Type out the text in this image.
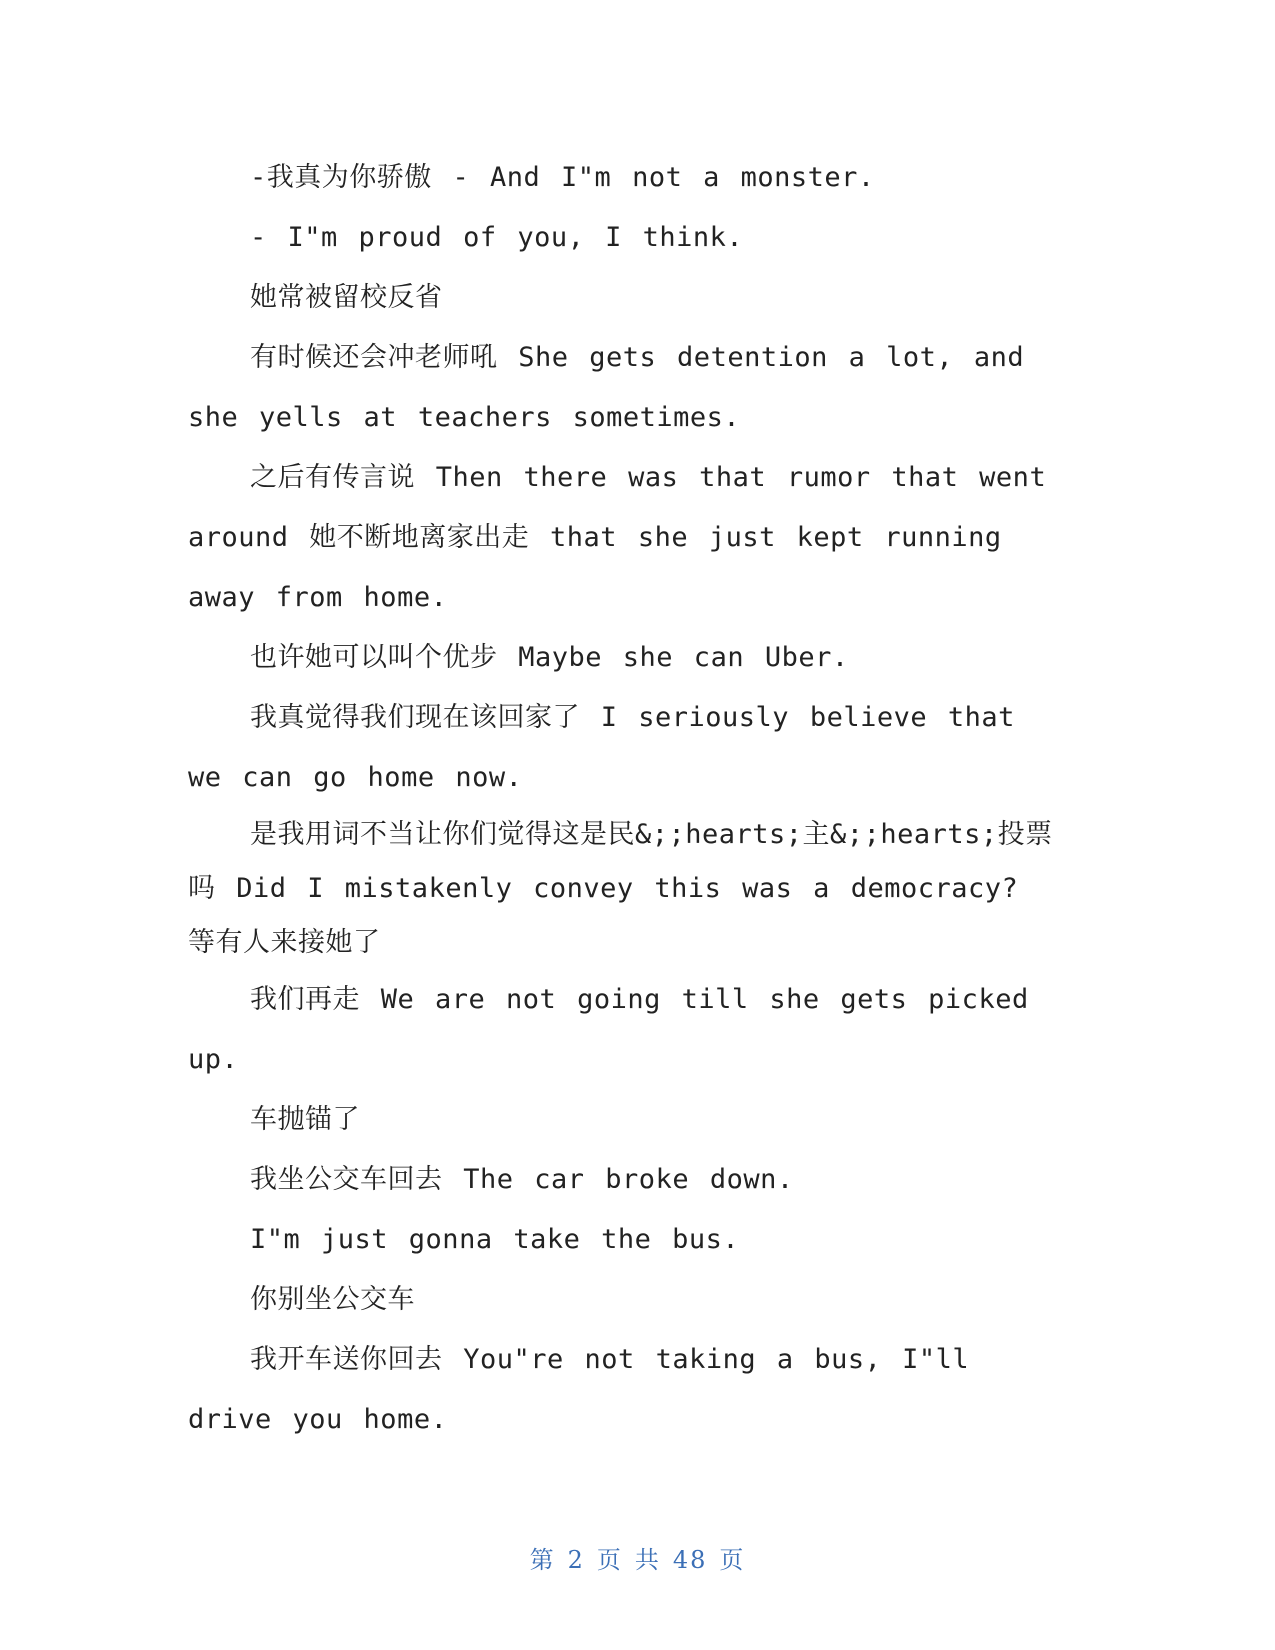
-我真为你骄傲 - And I"m not a monster.

- I"m proud of you, I think.

她常被留校反省

有时候还会冲老师吼 She gets detention a lot, and she yells at teachers sometimes.

之后有传言说 Then there was that rumor that went around 她不断地离家出走 that she just kept running away from home.

也许她可以叫个优步 Maybe she can Uber.

我真觉得我们现在该回家了 I seriously believe that we can go home now.

是我用词不当让你们觉得这是民&;;hearts;主&;;hearts;投票吗 Did I mistakenly convey this was a democracy?

等有人来接她了

我们再走 We are not going till she gets picked up.

车抛锚了

我坐公交车回去 The car broke down.

I"m just gonna take the bus.

你别坐公交车

我开车送你回去 You"re not taking a bus, I"ll drive you home.

第 2 页 共 48 页
